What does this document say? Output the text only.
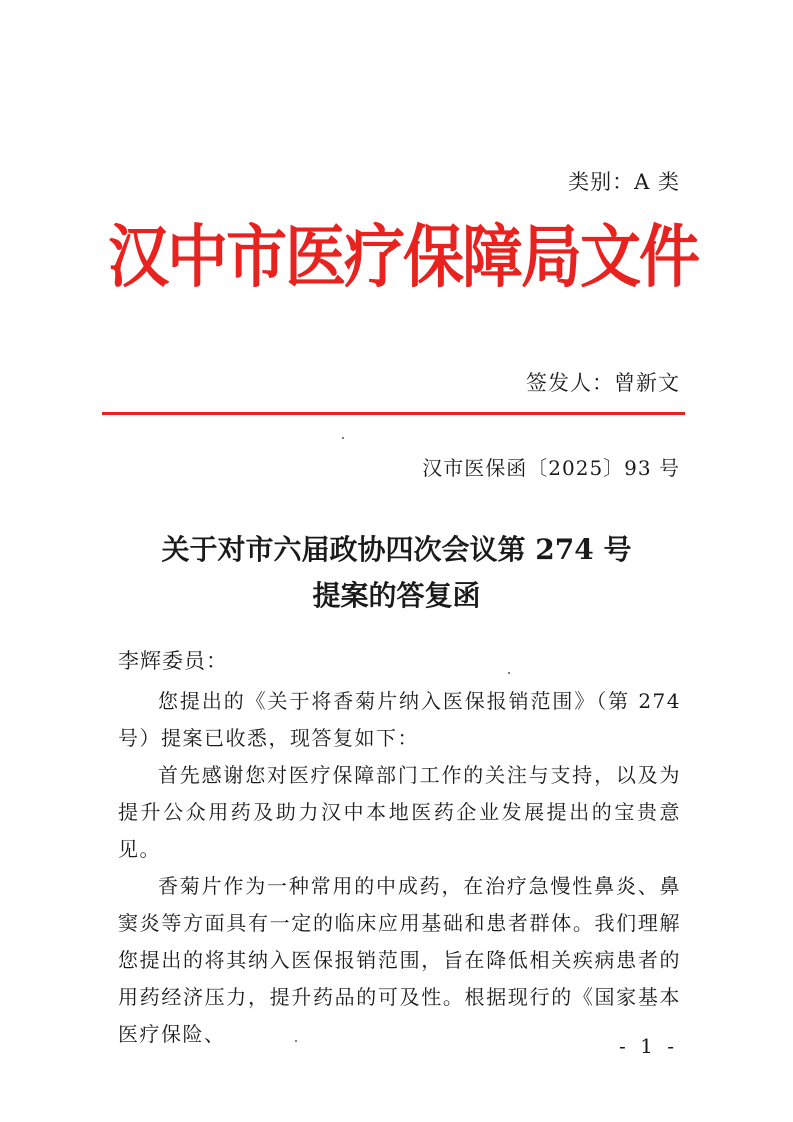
类别：A 类
汉中市医疗保障局文件
签发人：曾新文
汉市医保函〔2025〕93 号
关于对市六届政协四次会议第 274 号
提案的答复函
李辉委员：

您提出的《关于将香菊片纳入医保报销范围》（第 274 号）提案已收悉，现答复如下：

首先感谢您对医疗保障部门工作的关注与支持，以及为提升公众用药及助力汉中本地医药企业发展提出的宝贵意见。

香菊片作为一种常用的中成药，在治疗急慢性鼻炎、鼻窦炎等方面具有一定的临床应用基础和患者群体。我们理解您提出的将其纳入医保报销范围，旨在降低相关疾病患者的用药经济压力，提升药品的可及性。根据现行的《国家基本医疗保险、	- 1 -
